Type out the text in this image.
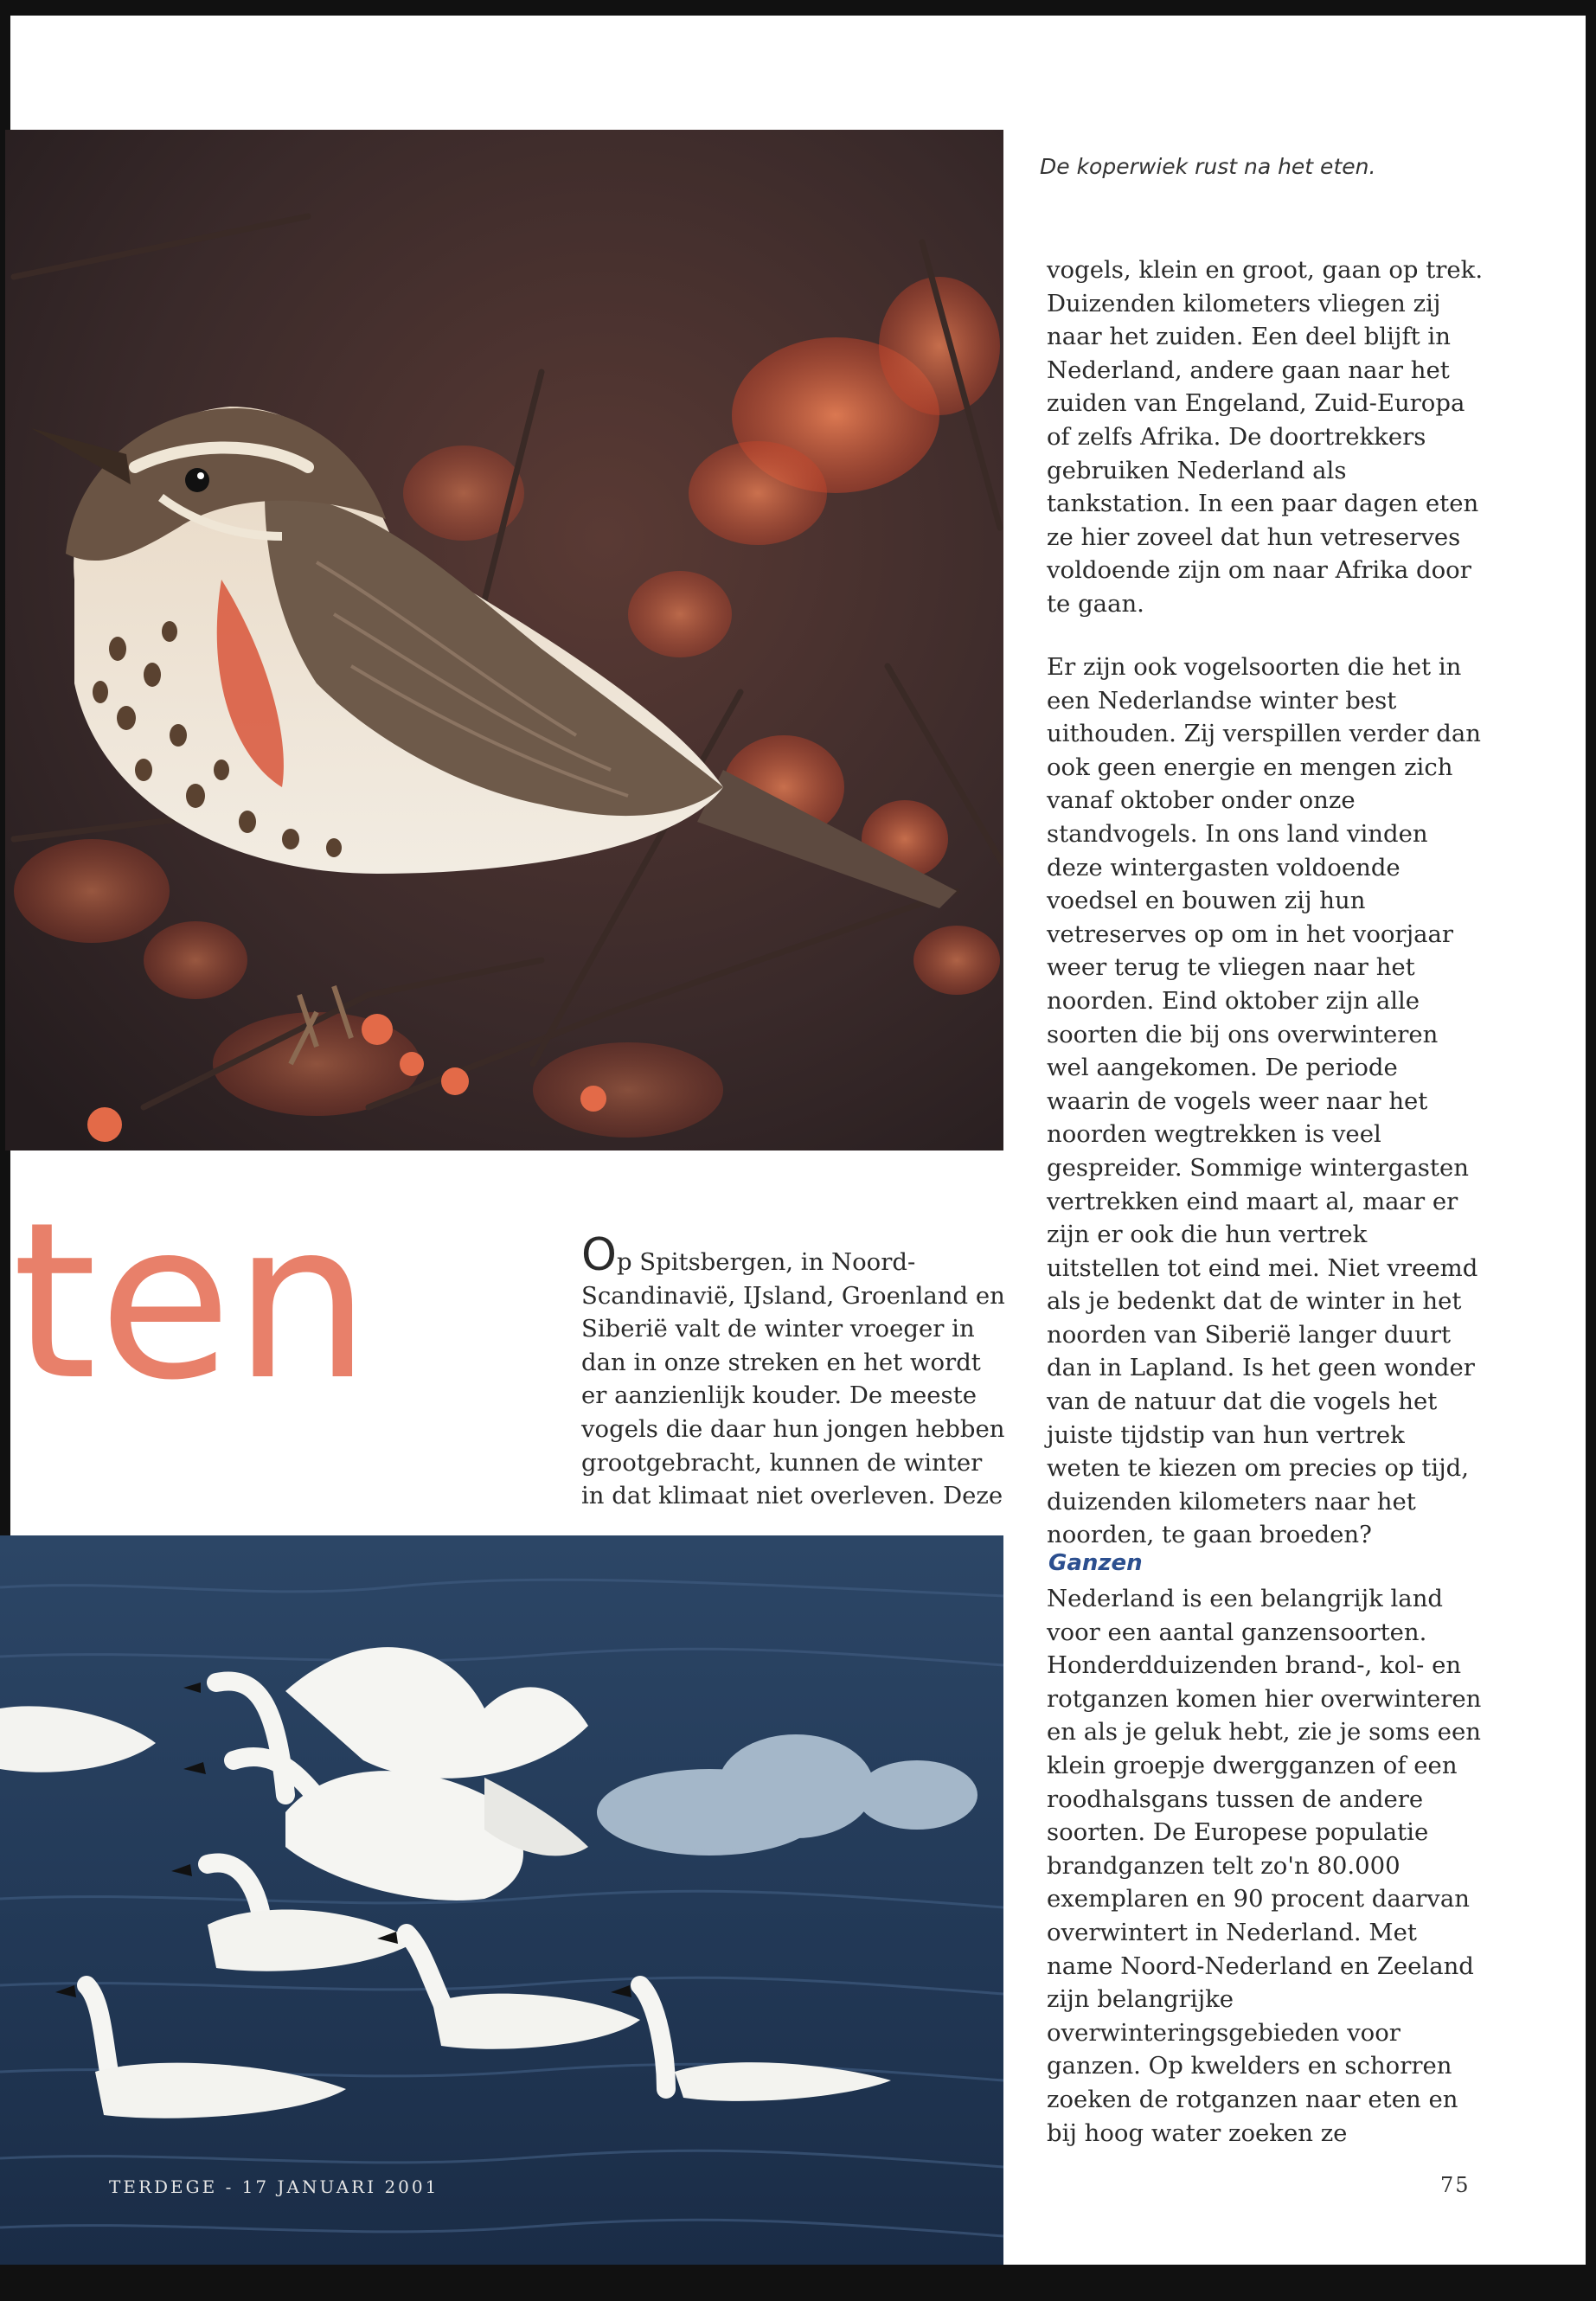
De koperwiek rust na het eten.
ten	Op Spitsbergen, in Noord-Scandinavië, IJsland, Groenland en Siberië valt de winter vroeger in dan in onze streken en het wordt er aanzienlijk kouder. De meeste vogels die daar hun jongen hebben grootgebracht, kunnen de winter in dat klimaat niet overleven. Deze

vogels, klein en groot, gaan op trek. Duizenden kilometers vliegen zij naar het zuiden. Een deel blijft in Nederland, andere gaan naar het zuiden van Engeland, Zuid-Europa of zelfs Afrika. De doortrekkers gebruiken Nederland als tankstation. In een paar dagen eten ze hier zoveel dat hun vetreserves voldoende zijn om naar Afrika door te gaan.

Er zijn ook vogelsoorten die het in een Nederlandse winter best uithouden. Zij verspillen verder dan ook geen energie en mengen zich vanaf oktober onder onze standvogels. In ons land vinden deze wintergasten voldoende voedsel en bouwen zij hun vetreserves op om in het voorjaar weer terug te vliegen naar het noorden. Eind oktober zijn alle soorten die bij ons overwinteren wel aangekomen. De periode waarin de vogels weer naar het noorden wegtrekken is veel gespreider. Sommige wintergasten vertrekken eind maart al, maar er zijn er ook die hun vertrek uitstellen tot eind mei. Niet vreemd als je bedenkt dat de winter in het noorden van Siberië langer duurt dan in Lapland. Is het geen wonder van de natuur dat die vogels het juiste tijdstip van hun vertrek weten te kiezen om precies op tijd, duizenden kilometers naar het noorden, te gaan broeden?

Ganzen

Nederland is een belangrijk land voor een aantal ganzensoorten. Honderdduizenden brand-, kol- en rotganzen komen hier overwinteren en als je geluk hebt, zie je soms een klein groepje dwergganzen of een roodhalsgans tussen de andere soorten. De Europese populatie brandganzen telt zo'n 80.000 exemplaren en 90 procent daarvan overwintert in Nederland. Met name Noord-Nederland en Zeeland zijn belangrijke overwinteringsgebieden voor ganzen. Op kwelders en schorren zoeken de rotganzen naar eten en bij hoog water zoeken ze

TERDEGE - 17 JANUARI 2001	75
